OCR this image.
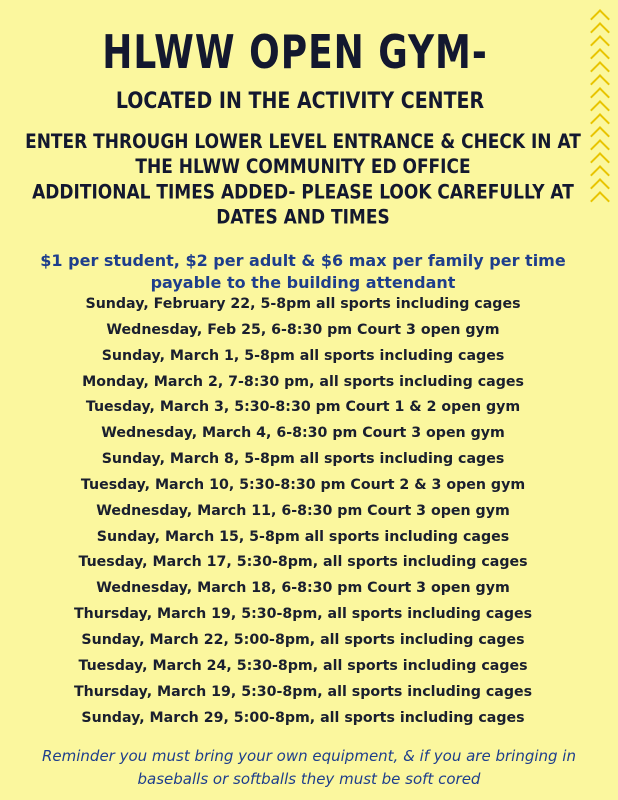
HLWW OPEN GYM-
LOCATED IN THE ACTIVITY CENTER
ENTER THROUGH LOWER LEVEL ENTRANCE & CHECK IN AT
THE HLWW COMMUNITY ED OFFICE
ADDITIONAL TIMES ADDED- PLEASE LOOK CAREFULLY AT
DATES AND TIMES
$1 per student, $2 per adult & $6 max per family per time
payable to the building attendant
Sunday, February 22, 5-8pm all sports including cages
Wednesday, Feb 25, 6-8:30 pm Court 3 open gym
Sunday, March 1, 5-8pm all sports including cages
Monday, March 2, 7-8:30 pm, all sports including cages
Tuesday, March 3, 5:30-8:30 pm Court 1 & 2 open gym
Wednesday, March 4, 6-8:30 pm Court 3 open gym
Sunday, March 8, 5-8pm all sports including cages
Tuesday, March 10, 5:30-8:30 pm Court 2 & 3 open gym
Wednesday, March 11, 6-8:30 pm Court 3 open gym
Sunday, March 15, 5-8pm all sports including cages
Tuesday, March 17, 5:30-8pm, all sports including cages
Wednesday, March 18, 6-8:30 pm Court 3 open gym
Thursday, March 19, 5:30-8pm, all sports including cages
Sunday, March 22, 5:00-8pm, all sports including cages
Tuesday, March 24, 5:30-8pm, all sports including cages
Thursday, March 19, 5:30-8pm, all sports including cages
Sunday, March 29, 5:00-8pm, all sports including cages
Reminder you must bring your own equipment, & if you are bringing in
baseballs or softballs they must be soft cored
